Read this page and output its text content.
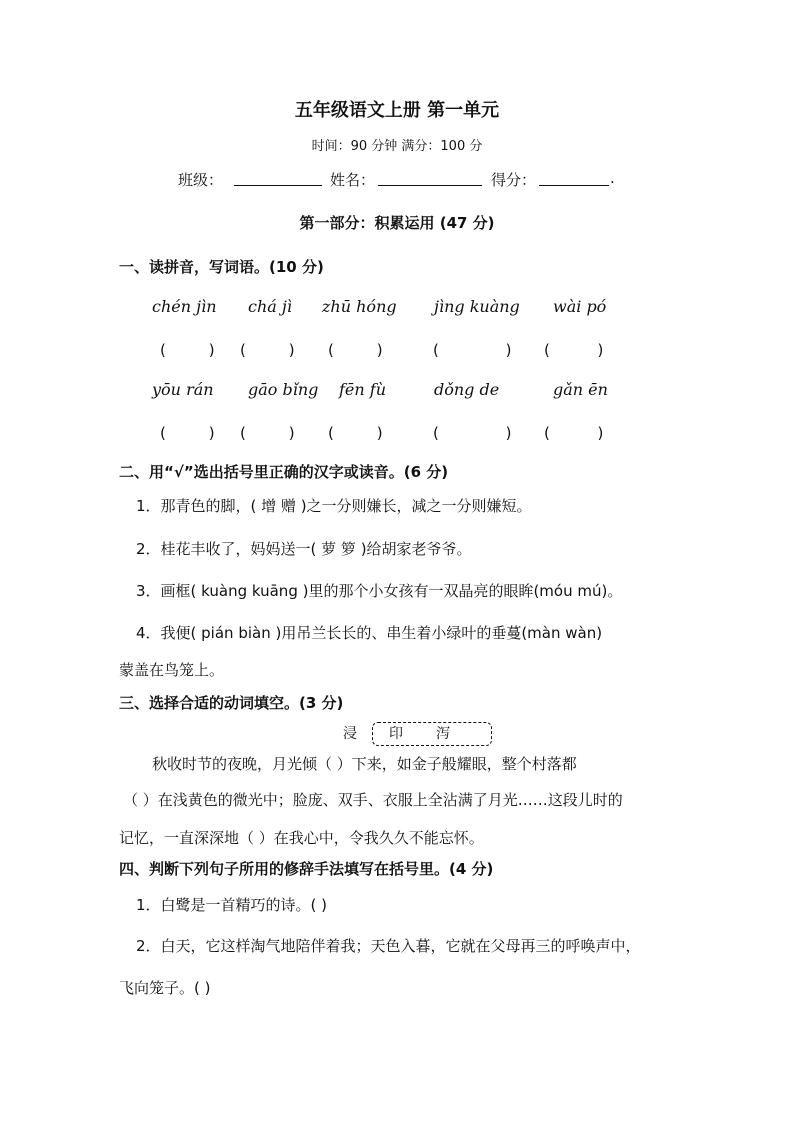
五年级语文上册 第一单元
时间：90 分钟 满分：100 分
班级：	姓名：	得分：	.
第一部分：积累运用 (47 分)
一、读拼音，写词语。(10 分)
chén jìn chá jì zhū hóng jìng kuàng wài pó
(         ) (         ) (         )	(              ) (          )
yōu rán gāo bǐng fēn fù	dǒng de	gǎn ēn
(         ) (         ) (         )	(              ) (          )
二、用“√”选出括号里正确的汉字或读音。(6 分)
1．那青色的脚，( 增 赠 )之一分则嫌长，减之一分则嫌短。
2．桂花丰收了，妈妈送一( 萝 箩 )给胡家老爷爷。
3．画框( kuàng kuāng )里的那个小女孩有一双晶亮的眼眸(móu mú)。
4．我便( pián biàn )用吊兰长长的、串生着小绿叶的垂蔓(màn wàn)
蒙盖在鸟笼上。
三、选择合适的动词填空。(3 分)
浸 印 泻
秋收时节的夜晚，月光倾（ ）下来，如金子般耀眼，整个村落都
（ ）在浅黄色的微光中；脸庞、双手、衣服上全沾满了月光……这段儿时的
记忆，一直深深地（ ）在我心中，令我久久不能忘怀。
四、判断下列句子所用的修辞手法填写在括号里。(4 分)
1．白鹭是一首精巧的诗。( )
2．白天，它这样淘气地陪伴着我；天色入暮，它就在父母再三的呼唤声中，
飞向笼子。( )
